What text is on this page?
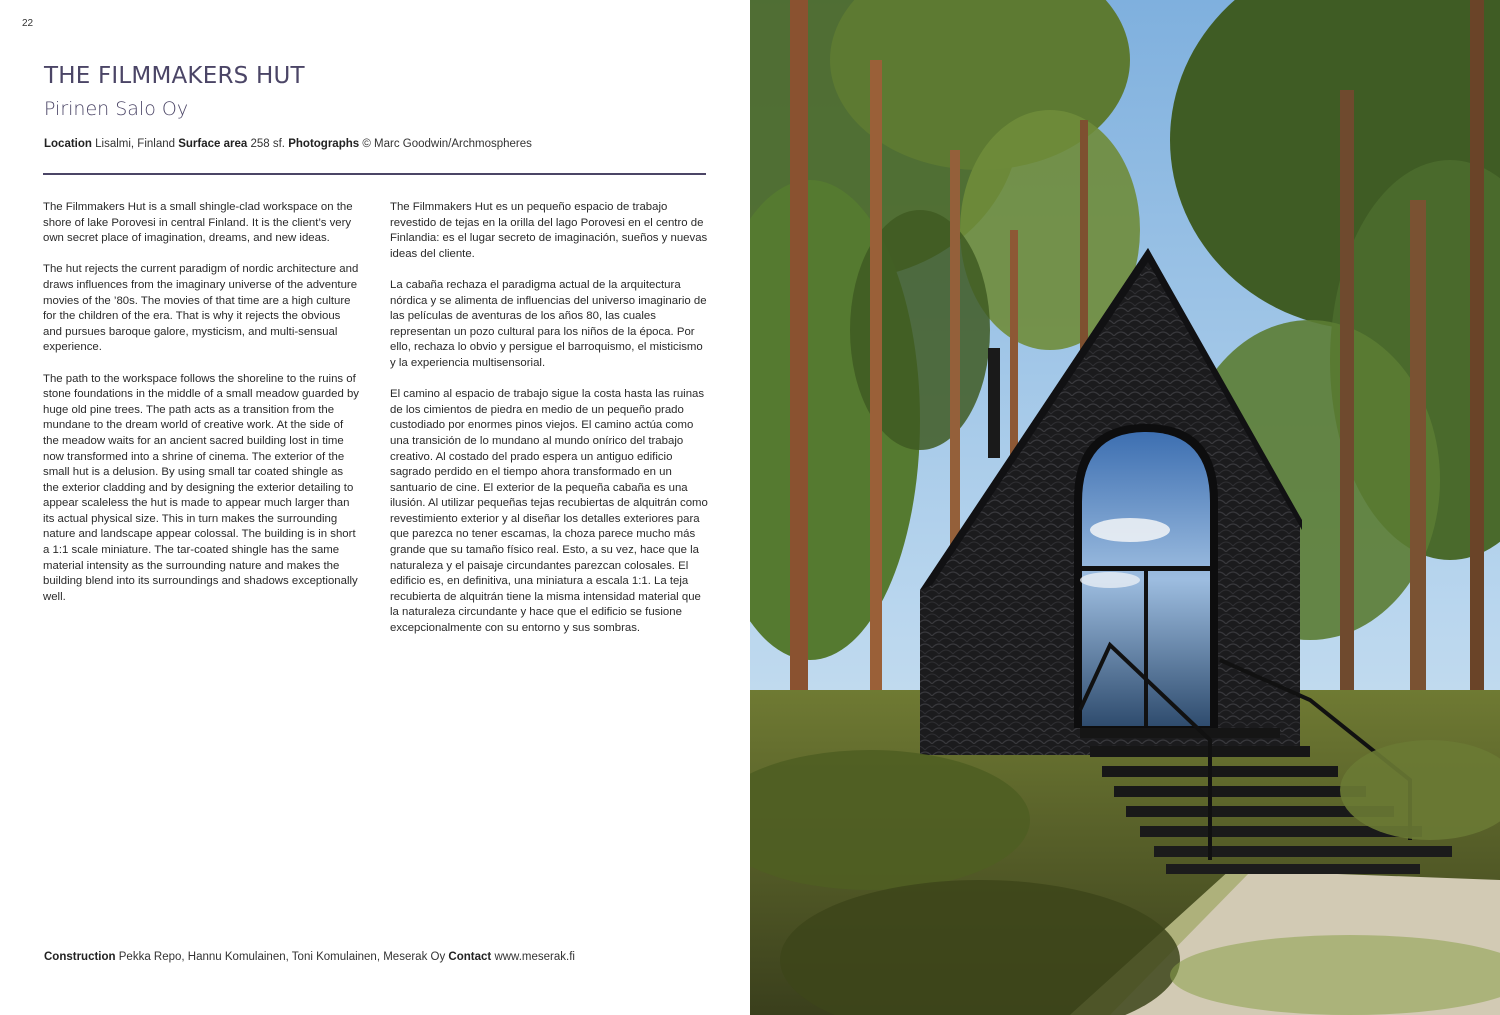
22
THE FILMMAKERS HUT
Pirinen Salo Oy
Location Lisalmi, Finland Surface area 258 sf. Photographs © Marc Goodwin/Archmospheres

The Filmmakers Hut is a small shingle-clad workspace on the shore of lake Porovesi in central Finland. It is the client’s very own secret place of imagination, dreams, and new ideas.

The hut rejects the current paradigm of nordic architecture and draws influences from the imaginary universe of the adventure movies of the ’80s. The movies of that time are a high culture for the children of the era. That is why it rejects the obvious and pursues baroque galore, mysticism, and multi-sensual experience.

The path to the workspace follows the shoreline to the ruins of stone foundations in the middle of a small meadow guarded by huge old pine trees. The path acts as a transition from the mundane to the dream world of creative work. At the side of the meadow waits for an ancient sacred building lost in time now transformed into a shrine of cinema. The exterior of the small hut is a delusion. By using small tar coated shingle as the exterior cladding and by designing the exterior detailing to appear scaleless the hut is made to appear much larger than its actual physical size. This in turn makes the surrounding nature and landscape appear colossal. The building is in short a 1:1 scale miniature. The tar-coated shingle has the same material intensity as the surrounding nature and makes the building blend into its surroundings and shadows exceptionally well.

The Filmmakers Hut es un pequeño espacio de trabajo revestido de tejas en la orilla del lago Porovesi en el centro de Finlandia: es el lugar secreto de imaginación, sueños y nuevas ideas del cliente.

La cabaña rechaza el paradigma actual de la arquitectura nórdica y se alimenta de influencias del universo imaginario de las películas de aventuras de los años 80, las cuales representan un pozo cultural para los niños de la época. Por ello, rechaza lo obvio y persigue el barroquismo, el misticismo y la experiencia multisensorial.

El camino al espacio de trabajo sigue la costa hasta las ruinas de los cimientos de piedra en medio de un pequeño prado custodiado por enormes pinos viejos. El camino actúa como una transición de lo mundano al mundo onírico del trabajo creativo. Al costado del prado espera un antiguo edificio sagrado perdido en el tiempo ahora transformado en un santuario de cine. El exterior de la pequeña cabaña es una ilusión. Al utilizar pequeñas tejas recubiertas de alquitrán como revestimiento exterior y al diseñar los detalles exteriores para que parezca no tener escamas, la choza parece mucho más grande que su tamaño físico real. Esto, a su vez, hace que la naturaleza y el paisaje circundantes parezcan colosales. El edificio es, en definitiva, una miniatura a escala 1:1. La teja recubierta de alquitrán tiene la misma intensidad material que la naturaleza circundante y hace que el edificio se fusione excepcionalmente con su entorno y sus sombras.

Construction Pekka Repo, Hannu Komulainen, Toni Komulainen, Meserak Oy Contact www.meserak.fi
